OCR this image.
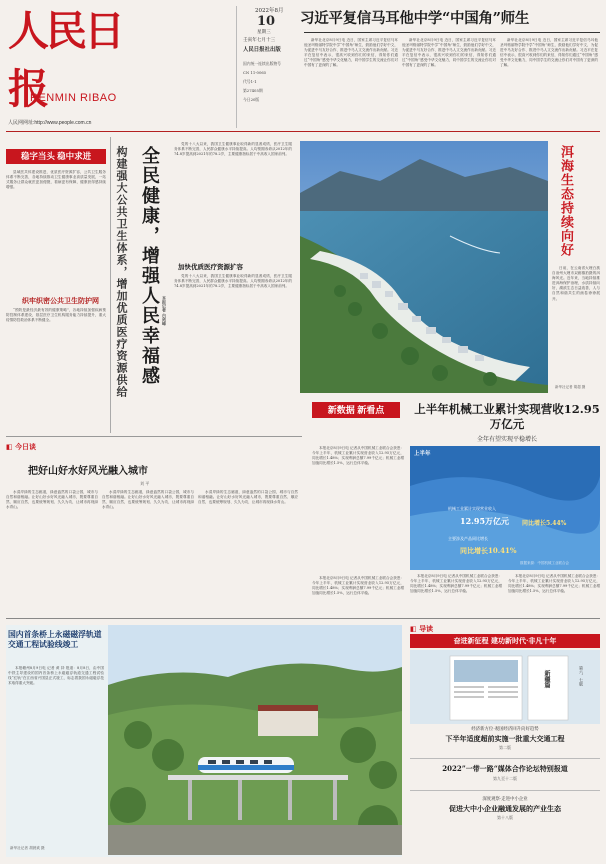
人民日报
RENMIN RIBAO
人民网网址:http://www.people.com.cn
2022年8月
10
星期三
壬寅年七月十三
人民日报社出版
国内统一连续出版物号
CN 11-0065
代号1-1
第27405期
今日20版
习近平复信马耳他中学“中国角”师生

新华社北京8月9日电 近日，国家主席习近平复信马耳他圣玛格丽特学院中学“中国角”师生，鼓励他们学好中文，为促进中马友好合作、推进中马人文交流作出新贡献。习近平在复信中表示，很高兴收到你们的来信，得知你们通过“中国角”感受中华文化魅力，同中国学生的交流让你们对中国有了更深的了解。

新华社北京8月9日电 近日，国家主席习近平复信马耳他圣玛格丽特学院中学“中国角”师生，鼓励他们学好中文，为促进中马友好合作、推进中马人文交流作出新贡献。习近平在复信中表示，很高兴收到你们的来信，得知你们通过“中国角”感受中华文化魅力，同中国学生的交流让你们对中国有了更深的了解。

新华社北京8月9日电 近日，国家主席习近平复信马耳他圣玛格丽特学院中学“中国角”师生，鼓励他们学好中文，为促进中马友好合作、推进中马人文交流作出新贡献。习近平在复信中表示，很高兴收到你们的来信，得知你们通过“中国角”感受中华文化魅力，同中国学生的交流让你们对中国有了更深的了解。

稳字当头 稳中求进

县域医共体建设推进，优质医疗资源扩容，公共卫生服务体系不断完善，各地持续推动卫生健康事业高质量发展，一站式服务让群众就医更加便捷，看病更有保障，健康获得感持续增强。

织牢织密公共卫生防护网

“预防是最经济最有效的健康策略”，各地持续加强疾病预防控制体系建设，基层医疗卫生机构服务能力持续提升，重大疫情防控救治体系不断健全。	构建强大公共卫生体系，增加优质医疗资源供给 全民健康，增强人民幸福感 本报记者 白剑峰

党的十八大以来，我国卫生健康事业取得新的显著成绩，医疗卫生服务体系不断完善，人民群众健康水平持续提高。人均预期寿命从2012年的74.8岁提高到2021年的78.2岁，主要健康指标居于中高收入国家前列。

加快优质医疗资源扩容

党的十八大以来，我国卫生健康事业取得新的显著成绩，医疗卫生服务体系不断完善，人民群众健康水平持续提高。人均预期寿命从2012年的74.8岁提高到2021年的78.2岁，主要健康指标居于中高收入国家前列。

洱海生态持续向好

日前，在云南省大理白族自治州大理市双廊镇拍摄的洱海风光。近年来，当地持续推进洱海保护治理，水质持续向好，湖滨生态日益改善，人与自然和谐共生的画卷徐徐展开。

新华社记者 胡超 摄
新数据 新看点	上半年机械工业累计实现营收12.95万亿元
全年有望实现平稳增长

本报北京8月9日电 记者从中国机械工业联合会获悉：今年上半年，机械工业累计实现营业收入12.95万亿元，同比增长1.48%；实现利润总额7.99千亿元；机械工业增加值同比增长1.5%，运行总体平稳。

本报北京8月9日电 记者从中国机械工业联合会获悉：今年上半年，机械工业累计实现营业收入12.95万亿元，同比增长1.48%；实现利润总额7.99千亿元；机械工业增加值同比增长1.5%，运行总体平稳。

上半年
机械工业累计实现营业收入
12.95万亿元 同比增长5.44%
主要涉及产品同比增长
同比增长10.41%
数据来源：中国机械工业联合会

本报北京8月9日电 记者从中国机械工业联合会获悉：今年上半年，机械工业累计实现营业收入12.95万亿元，同比增长1.48%；实现利润总额7.99千亿元；机械工业增加值同比增长1.5%，运行总体平稳。

本报北京8月9日电 记者从中国机械工业联合会获悉：今年上半年，机械工业累计实现营业收入12.95万亿元，同比增长1.48%；实现利润总额7.99千亿元；机械工业增加值同比增长1.5%，运行总体平稳。

◧ 今日谈
把好山好水好风光融入城市
刘 平

水清岸绿的生态廊道，绿意盎然的口袋公园，城市与自然和谐相融。让好山好水好风光融入城市，既要尊重自然、顺应自然，也要统筹规划、久久为功，让城市再现绿水青山。

水清岸绿的生态廊道，绿意盎然的口袋公园，城市与自然和谐相融。让好山好水好风光融入城市，既要尊重自然、顺应自然，也要统筹规划、久久为功，让城市再现绿水青山。

水清岸绿的生态廊道，绿意盎然的口袋公园，城市与自然和谐相融。让好山好水好风光融入城市，既要尊重自然、顺应自然，也要统筹规划、久久为功，让城市再现绿水青山。

国内首条桥上永磁磁浮轨道交通工程试验线竣工

本报赣州8月9日电 记者 黄 持 报道：8月8日，由中国中铁主导建设的国内首条桥上永磁磁浮轨道交通工程试验线“红轨”在江西省兴国县正式竣工，标志着我国永磁磁浮技术取得重大突破。

新华社记者 胡晨欢 摄
◧ 导读
奋进新征程 建功新时代·非凡十年
新疆篇	第六、七版
经济新方位·观国经济回升向好趋势
下半年适度超前实施一批重大交通工程
第二版
2022”一带一路“媒体合作论坛特别报道
第九至十二版
深度观察·走进中小企业
促进大中小企业融通发展的产业生态
第十八版
